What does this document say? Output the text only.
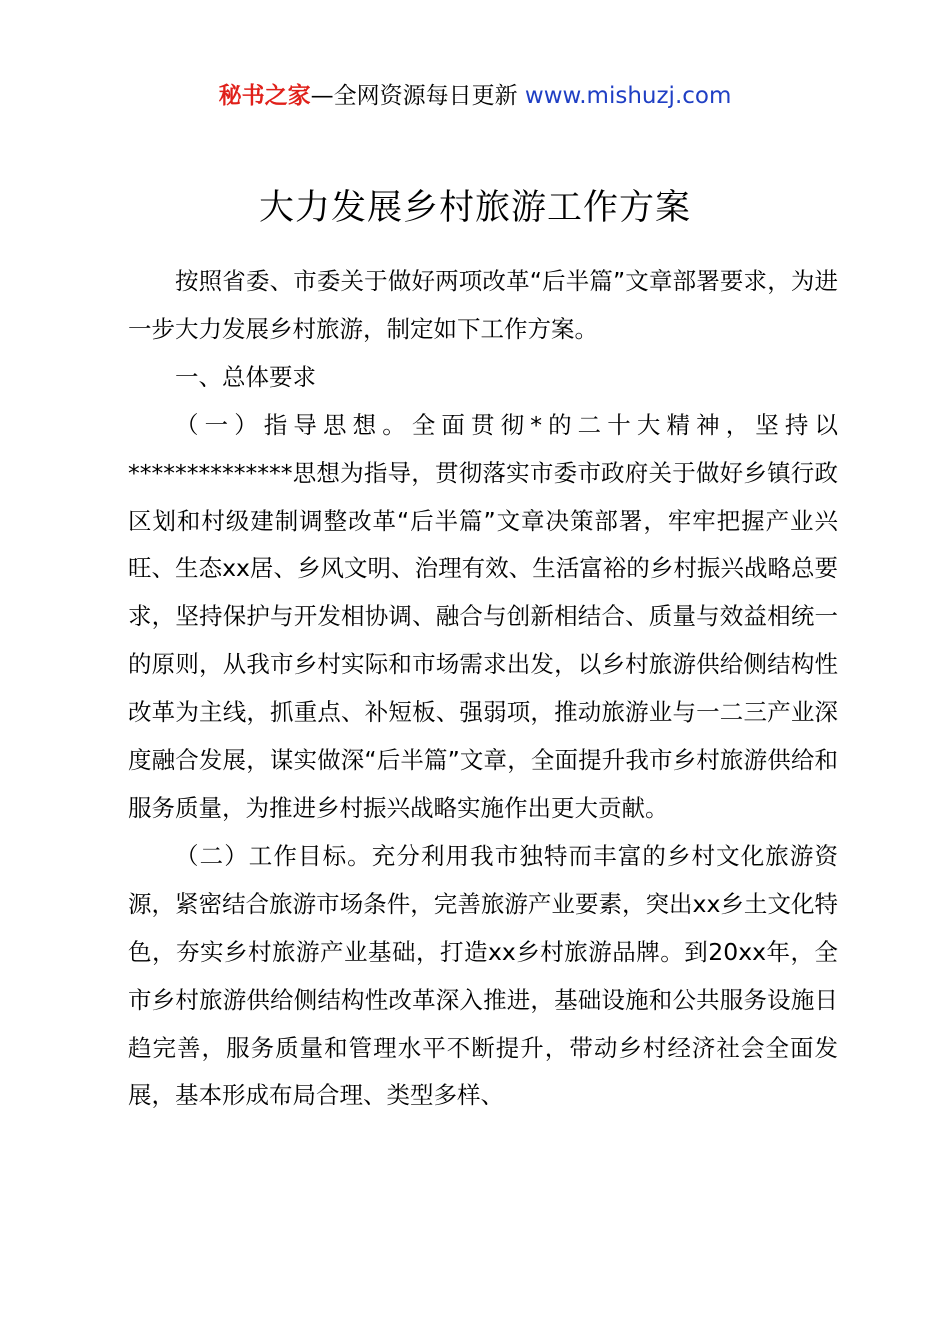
秘书之家—全网资源每日更新 www.mishuzj.com
大力发展乡村旅游工作方案

按照省委、市委关于做好两项改革“后半篇”文章部署要求，为进一步大力发展乡村旅游，制定如下工作方案。

一、总体要求

（一）指导思想。全面贯彻*的二十大精神，坚持以**************思想为指导，贯彻落实市委市政府关于做好乡镇行政区划和村级建制调整改革“后半篇”文章决策部署，牢牢把握产业兴旺、生态xx居、乡风文明、治理有效、生活富裕的乡村振兴战略总要求，坚持保护与开发相协调、融合与创新相结合、质量与效益相统一的原则，从我市乡村实际和市场需求出发，以乡村旅游供给侧结构性改革为主线，抓重点、补短板、强弱项，推动旅游业与一二三产业深度融合发展，谋实做深“后半篇”文章，全面提升我市乡村旅游供给和服务质量，为推进乡村振兴战略实施作出更大贡献。

（二）工作目标。充分利用我市独特而丰富的乡村文化旅游资源，紧密结合旅游市场条件，完善旅游产业要素，突出xx乡土文化特色，夯实乡村旅游产业基础，打造xx乡村旅游品牌。到20xx年，全市乡村旅游供给侧结构性改革深入推进，基础设施和公共服务设施日趋完善，服务质量和管理水平不断提升，带动乡村经济社会全面发展，基本形成布局合理、类型多样、
